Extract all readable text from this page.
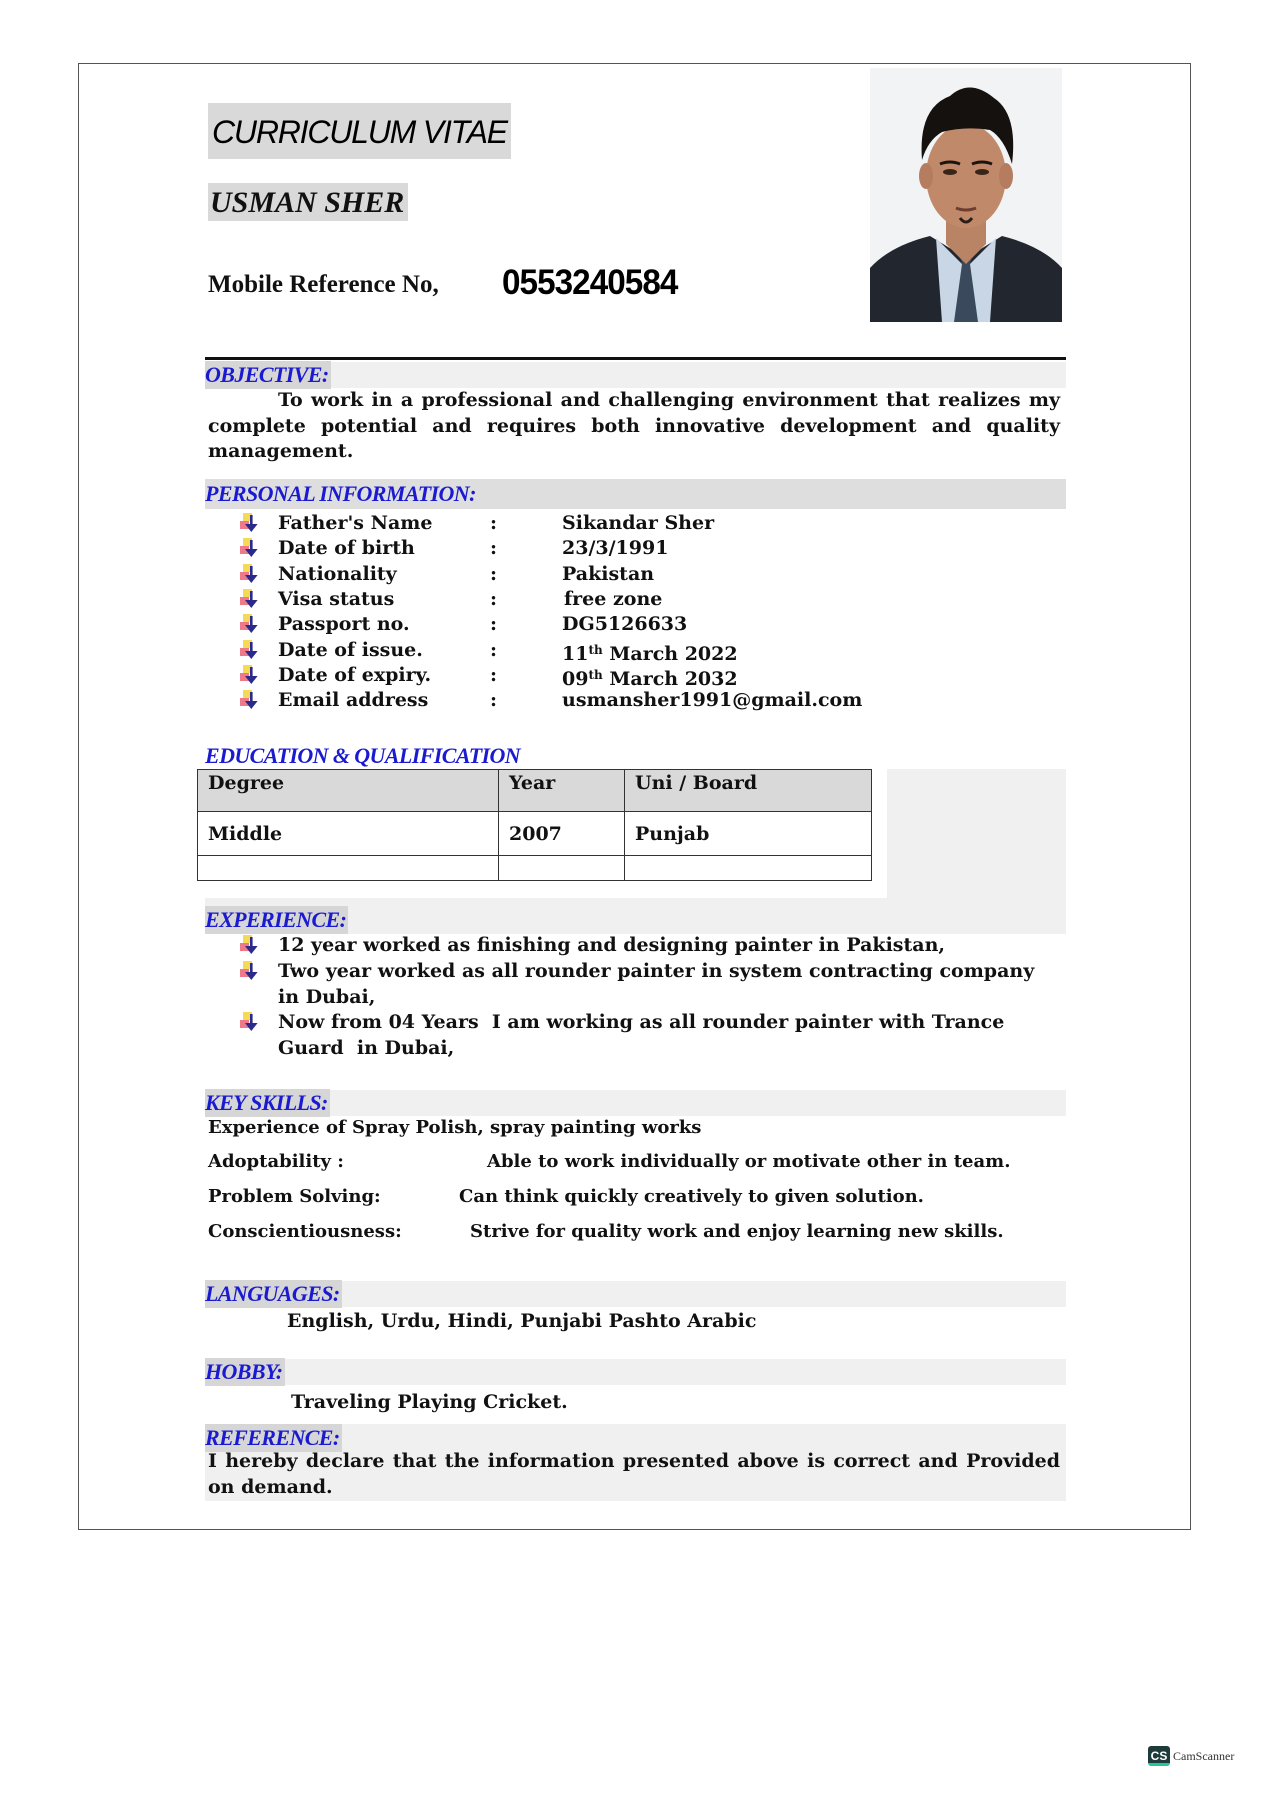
CURRICULUM VITAE
USMAN SHER
Mobile Reference No, 0553240584
OBJECTIVE:
To work in a professional and challenging environment that realizes my complete potential and requires both innovative development and quality management.
PERSONAL INFORMATION:
Father's Name	:	Sikandar Sher
Date of birth	:	23/3/1991
Nationality	:	Pakistan
Visa status	:	free zone
Passport no.	:	DG5126633
Date of issue.	:	11th March 2022
Date of expiry.	:	09th March 2032
Email address	:	usmansher1991@gmail.com
EDUCATION & QUALIFICATION
Degree	Year	Uni / Board
Middle	2007	Punjab

EXPERIENCE:
12 year worked as finishing and designing painter in Pakistan,
Two year worked as all rounder painter in system contracting company in Dubai,
Now from 04 Years  I am working as all rounder painter with Trance Guard  in Dubai,
KEY SKILLS:
Experience of Spray Polish, spray painting works
Adoptability :	Able to work individually or motivate other in team.
Problem Solving:	Can think quickly creatively to given solution.
Conscientiousness:	Strive for quality work and enjoy learning new skills.
LANGUAGES:
English, Urdu, Hindi, Punjabi Pashto Arabic
HOBBY:
Traveling Playing Cricket.
REFERENCE:
I hereby declare that the information presented above is correct and Provided on demand.
CS CamScanner
